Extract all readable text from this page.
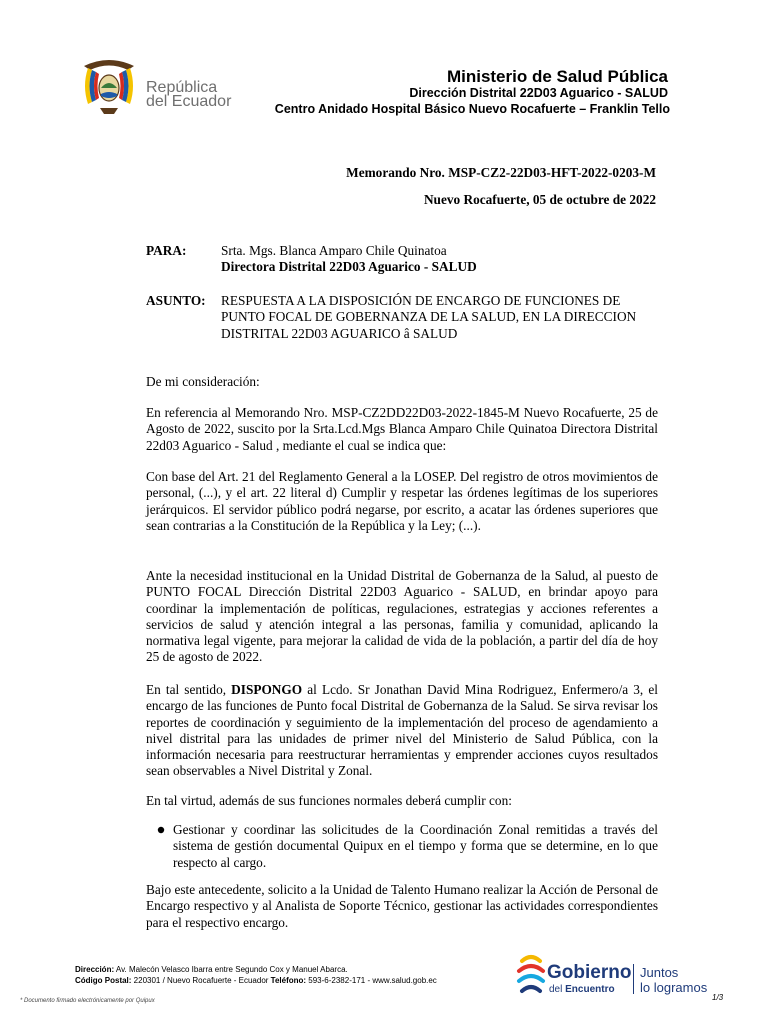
República
del Ecuador
Ministerio de Salud Pública
Dirección Distrital 22D03 Aguarico - SALUD
Centro Anidado Hospital Básico Nuevo Rocafuerte – Franklin Tello
Memorando Nro. MSP-CZ2-22D03-HFT-2022-0203-M
Nuevo Rocafuerte, 05 de octubre de 2022
PARA:	Srta. Mgs. Blanca Amparo Chile Quinatoa
Directora Distrital 22D03 Aguarico - SALUD
ASUNTO: RESPUESTA A LA DISPOSICIÓN DE ENCARGO DE FUNCIONES DE PUNTO FOCAL DE GOBERNANZA DE LA SALUD, EN LA DIRECCION DISTRITAL 22D03 AGUARICO â SALUD
De mi consideración:
En referencia al Memorando Nro. MSP-CZ2DD22D03-2022-1845-M Nuevo Rocafuerte, 25 de Agosto de 2022, suscito por la Srta.Lcd.Mgs Blanca Amparo Chile Quinatoa Directora Distrital 22d03 Aguarico - Salud , mediante el cual se indica que:
Con base del Art. 21 del Reglamento General a la LOSEP. Del registro de otros movimientos de personal, (...), y el art. 22 literal d) Cumplir y respetar las órdenes legítimas de los superiores jerárquicos. El servidor público podrá negarse, por escrito, a acatar las órdenes superiores que sean contrarias a la Constitución de la República y la Ley; (...).
Ante la necesidad institucional en la Unidad Distrital de Gobernanza de la Salud, al puesto de PUNTO FOCAL Dirección Distrital 22D03 Aguarico - SALUD, en brindar apoyo para coordinar la implementación de políticas, regulaciones, estrategias y acciones referentes a servicios de salud y atención integral a las personas, familia y comunidad, aplicando la normativa legal vigente, para mejorar la calidad de vida de la población, a partir del día de hoy 25 de agosto de 2022.
En tal sentido, DISPONGO al Lcdo. Sr Jonathan David Mina Rodriguez, Enfermero/a 3, el encargo de las funciones de Punto focal Distrital de Gobernanza de la Salud. Se sirva revisar los reportes de coordinación y seguimiento de la implementación del proceso de agendamiento a nivel distrital para las unidades de primer nivel del Ministerio de Salud Pública, con la información necesaria para reestructurar herramientas y emprender acciones cuyos resultados sean observables a Nivel Distrital y Zonal.
En tal virtud, además de sus funciones normales deberá cumplir con:
Gestionar y coordinar las solicitudes de la Coordinación Zonal remitidas a través del sistema de gestión documental Quipux en el tiempo y forma que se determine, en lo que respecto al cargo.
Bajo este antecedente, solicito a la Unidad de Talento Humano realizar la Acción de Personal de Encargo respectivo y al Analista de Soporte Técnico, gestionar las actividades correspondientes para el respectivo encargo.
Dirección: Av. Malecón Velasco Ibarra entre Segundo Cox y Manuel Abarca.
Código Postal: 220301 / Nuevo Rocafuerte - Ecuador Teléfono: 593-6-2382-171 - www.salud.gob.ec
* Documento firmado electrónicamente por Quipux
Gobierno
del Encuentro
Juntos
lo logramos
1/3
